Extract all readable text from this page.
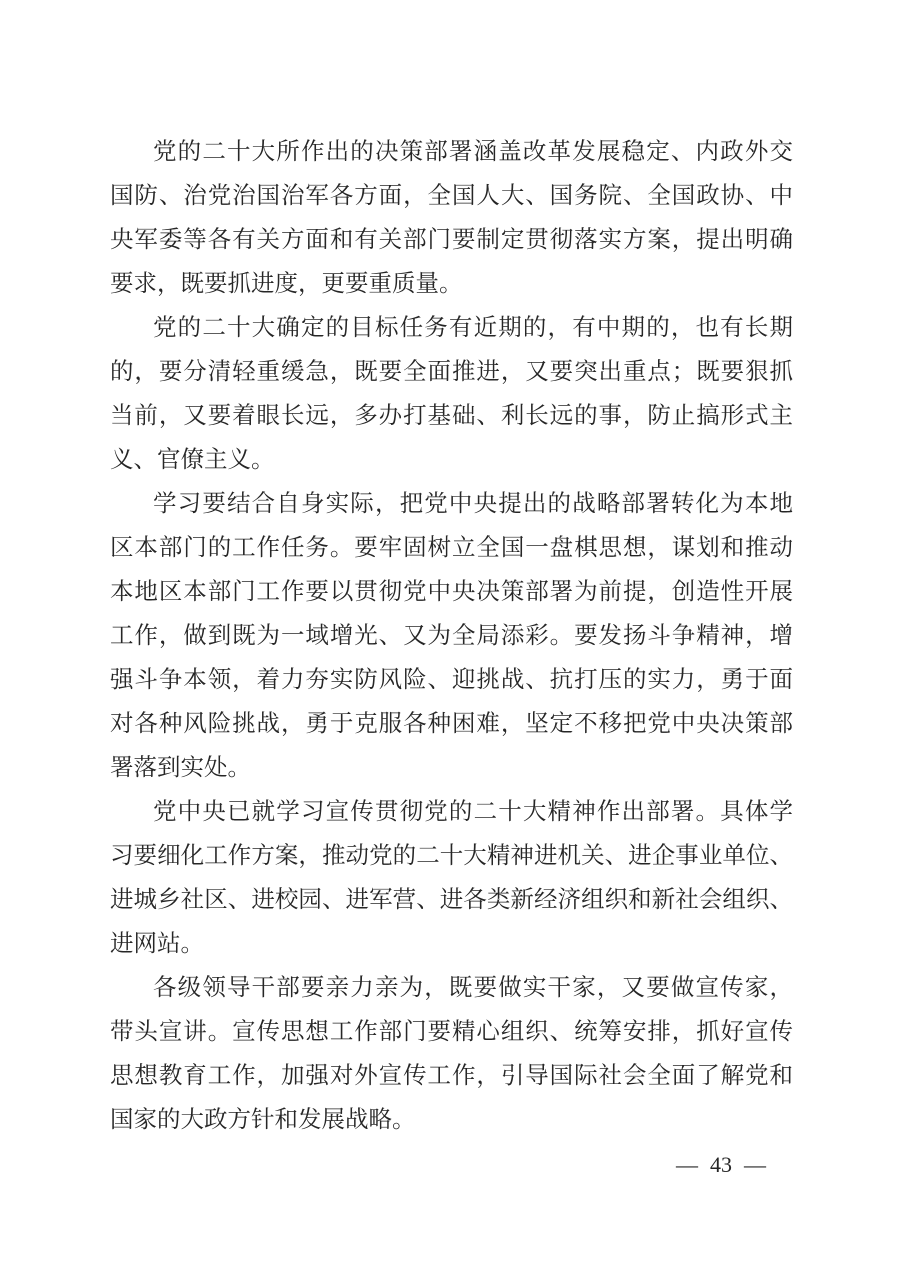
党的二十大所作出的决策部署涵盖改革发展稳定、内政外交
国防、治党治国治军各方面，全国人大、国务院、全国政协、中
央军委等各有关方面和有关部门要制定贯彻落实方案，提出明确
要求，既要抓进度，更要重质量。
党的二十大确定的目标任务有近期的，有中期的，也有长期
的，要分清轻重缓急，既要全面推进，又要突出重点；既要狠抓
当前，又要着眼长远，多办打基础、利长远的事，防止搞形式主
义、官僚主义。
学习要结合自身实际，把党中央提出的战略部署转化为本地
区本部门的工作任务。要牢固树立全国一盘棋思想，谋划和推动
本地区本部门工作要以贯彻党中央决策部署为前提，创造性开展
工作，做到既为一域增光、又为全局添彩。要发扬斗争精神，增
强斗争本领，着力夯实防风险、迎挑战、抗打压的实力，勇于面
对各种风险挑战，勇于克服各种困难，坚定不移把党中央决策部
署落到实处。
党中央已就学习宣传贯彻党的二十大精神作出部署。具体学
习要细化工作方案，推动党的二十大精神进机关、进企事业单位、
进城乡社区、进校园、进军营、进各类新经济组织和新社会组织、
进网站。
各级领导干部要亲力亲为，既要做实干家，又要做宣传家，
带头宣讲。宣传思想工作部门要精心组织、统筹安排，抓好宣传
思想教育工作，加强对外宣传工作，引导国际社会全面了解党和
国家的大政方针和发展战略。
— 43 —
